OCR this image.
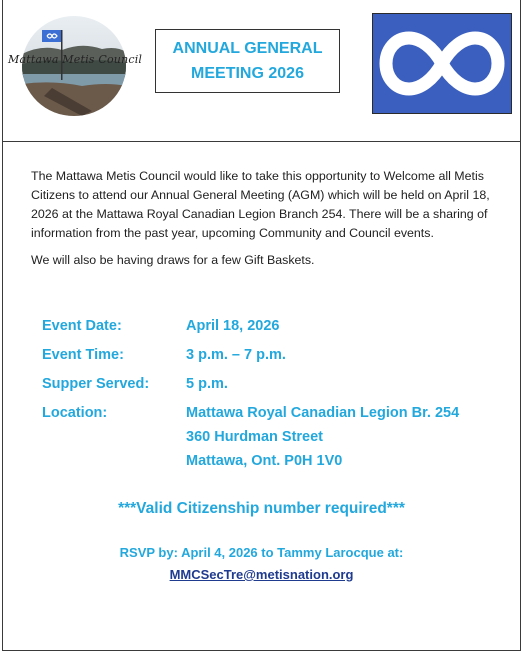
Mattawa Metis Council
ANNUAL GENERAL MEETING 2026

The Mattawa Metis Council would like to take this opportunity to Welcome all Metis Citizens to attend our Annual General Meeting (AGM) which will be held on April 18, 2026 at the Mattawa Royal Canadian Legion Branch 254. There will be a sharing of information from the past year, upcoming Community and Council events.

We will also be having draws for a few Gift Baskets.

Event Date:	April 18, 2026
Event Time:	3 p.m. – 7 p.m.
Supper Served:	5 p.m.
Location:	Mattawa Royal Canadian Legion Br. 254
360 Hurdman Street
Mattawa, Ont. P0H 1V0
***Valid Citizenship number required***
RSVP by: April 4, 2026 to Tammy Larocque at:
MMCSecTre@metisnation.org
